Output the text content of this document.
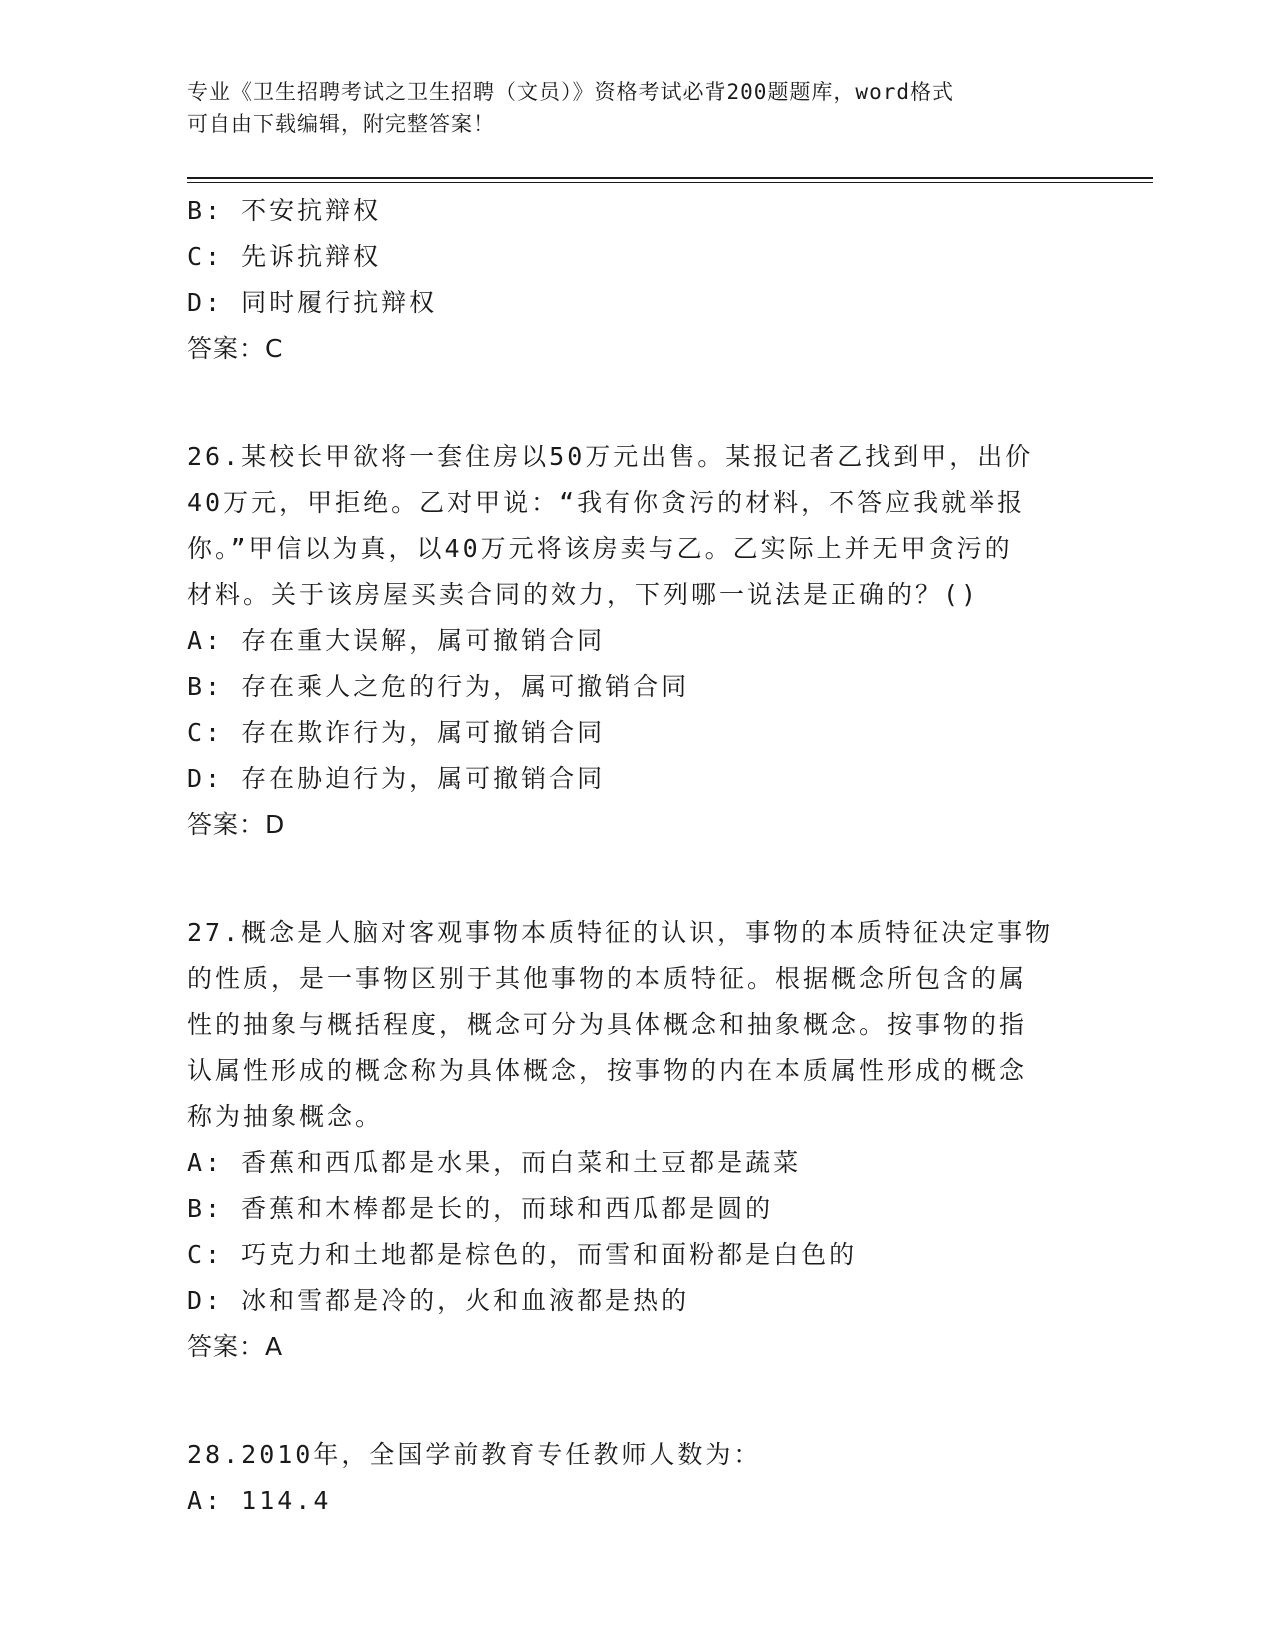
专业《卫生招聘考试之卫生招聘（文员）》资格考试必背200题题库，word格式
可自由下载编辑，附完整答案！
B: 不安抗辩权
C: 先诉抗辩权
D: 同时履行抗辩权
答案：C
26.某校长甲欲将一套住房以50万元出售。某报记者乙找到甲，出价
40万元，甲拒绝。乙对甲说：“我有你贪污的材料，不答应我就举报
你。”甲信以为真，以40万元将该房卖与乙。乙实际上并无甲贪污的
材料。关于该房屋买卖合同的效力，下列哪一说法是正确的？()
A: 存在重大误解，属可撤销合同
B: 存在乘人之危的行为，属可撤销合同
C: 存在欺诈行为，属可撤销合同
D: 存在胁迫行为，属可撤销合同
答案：D
27.概念是人脑对客观事物本质特征的认识，事物的本质特征决定事物
的性质，是一事物区别于其他事物的本质特征。根据概念所包含的属
性的抽象与概括程度，概念可分为具体概念和抽象概念。按事物的指
认属性形成的概念称为具体概念，按事物的内在本质属性形成的概念
称为抽象概念。
A: 香蕉和西瓜都是水果，而白菜和土豆都是蔬菜
B: 香蕉和木棒都是长的，而球和西瓜都是圆的
C: 巧克力和土地都是棕色的，而雪和面粉都是白色的
D: 冰和雪都是冷的，火和血液都是热的
答案：A
28.2010年，全国学前教育专任教师人数为：
A: 114.4
